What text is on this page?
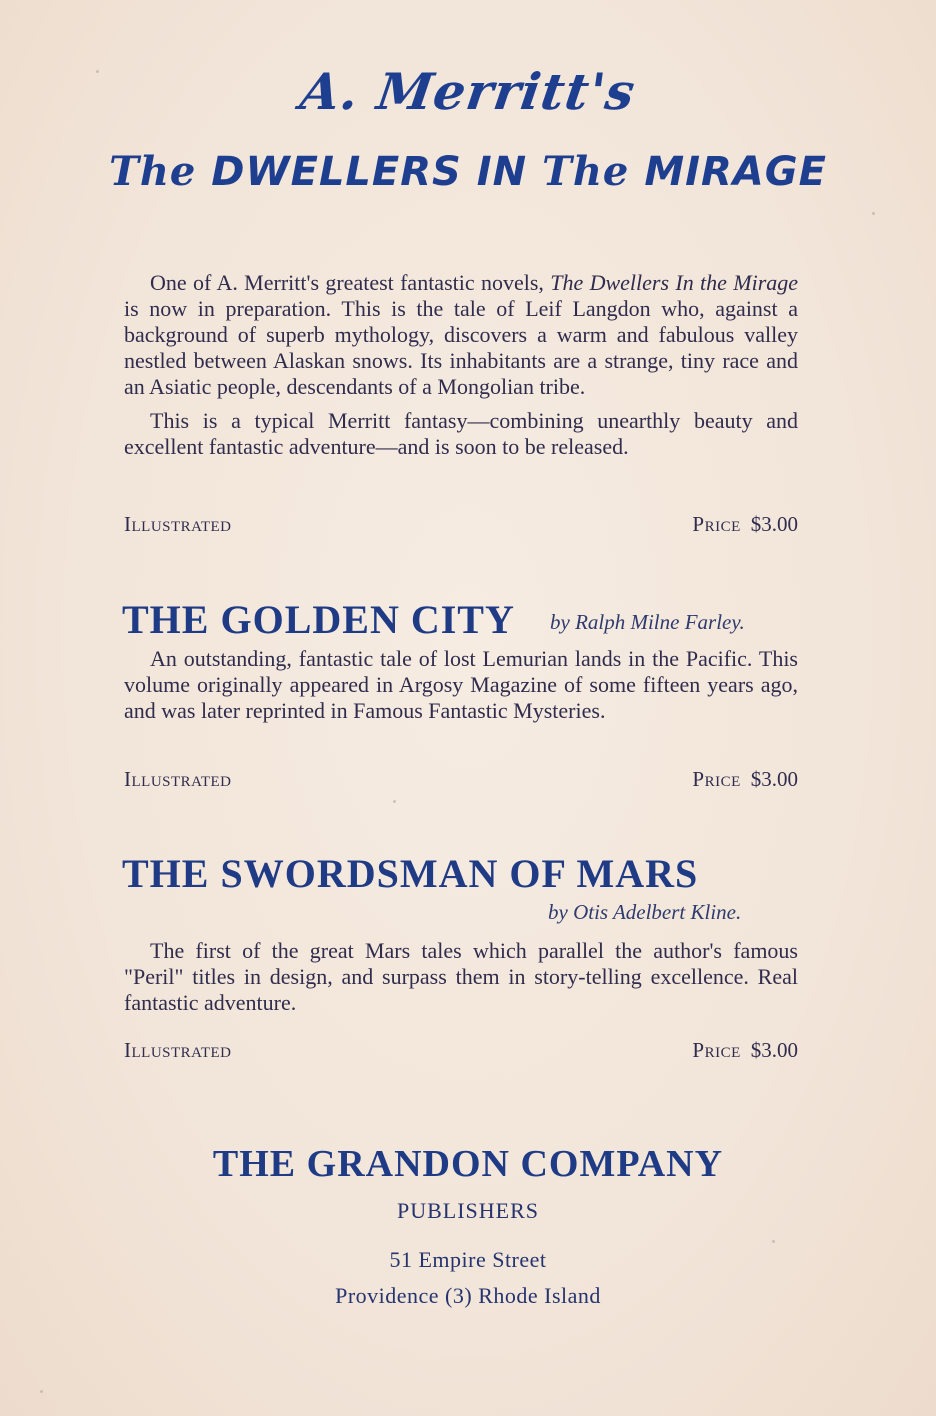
A. Merritt's
The DWELLERS IN The MIRAGE

One of A. Merritt's greatest fantastic novels, The Dwellers In the Mirage is now in preparation. This is the tale of Leif Langdon who, against a background of superb mythology, discovers a warm and fabulous valley nestled between Alaskan snows. Its inhabitants are a strange, tiny race and an Asiatic people, descendants of a Mongolian tribe.

This is a typical Merritt fantasy—combining unearthly beauty and excellent fantastic adventure—and is soon to be released.

Illustrated	Price $3.00
THE GOLDEN CITY by Ralph Milne Farley.

An outstanding, fantastic tale of lost Lemurian lands in the Pacific. This volume originally appeared in Argosy Magazine of some fifteen years ago, and was later reprinted in Famous Fantastic Mysteries.

Illustrated	Price $3.00
THE SWORDSMAN OF MARS
by Otis Adelbert Kline.

The first of the great Mars tales which parallel the author's famous "Peril" titles in design, and surpass them in story-telling excellence. Real fantastic adventure.

Illustrated	Price $3.00
THE GRANDON COMPANY
PUBLISHERS
51 Empire Street
Providence (3) Rhode Island
